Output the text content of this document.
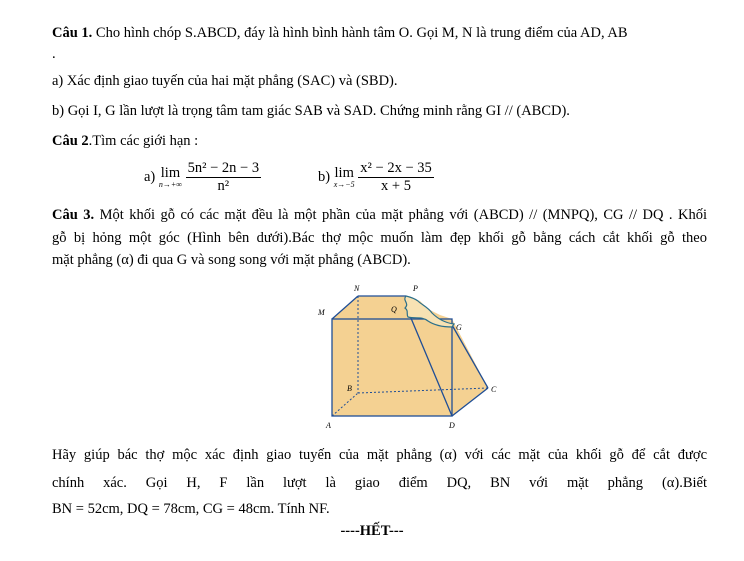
Câu 1. Cho hình chóp S.ABCD, đáy là hình bình hành tâm O. Gọi M, N là trung điểm của AD, AB
.
a) Xác định giao tuyến của hai mặt phẳng (SAC) và (SBD).
b) Gọi I, G lần lượt là trọng tâm tam giác SAB và SAD. Chứng minh rằng GI // (ABCD).
Câu 2.Tìm các giới hạn :
a) lim
n→+∞
$\frac{\text{5n² − 2n − 3}}{\text{n²}}$	b) lim
x→−5
$\frac{\text{x² − 2x − 35}}{x + 5}$
Câu 3. Một khối gỗ có các mặt đều là một phần của mặt phẳng với (ABCD) // (MNPQ), CG // DQ . Khối
gỗ bị hỏng một góc (Hình bên dưới).Bác thợ mộc muốn làm đẹp khối gỗ bằng cách cắt khối gỗ theo
mặt phẳng (α) đi qua G và song song với mặt phẳng (ABCD).
N	P
M	Q
G
B	C
A	D
Hãy giúp bác thợ mộc xác định giao tuyến của mặt phẳng (α) với các mặt của khối gỗ để cắt được
chính xác. Gọi H, F lần lượt là giao điểm DQ, BN với mặt phẳng (α).Biết
BN = 52cm, DQ = 78cm, CG = 48cm. Tính NF.
----HẾT---
